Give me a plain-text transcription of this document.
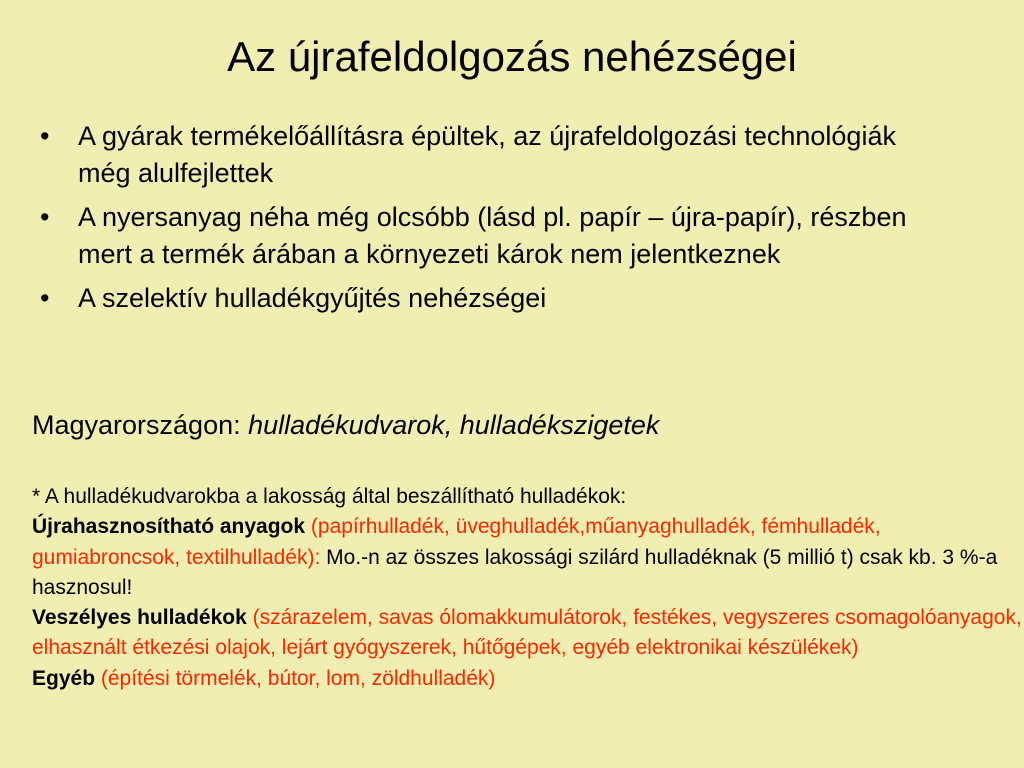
Az újrafeldolgozás nehézségei
• A gyárak termékelőállításra épültek, az újrafeldolgozási technológiák még alulfejlettek
• A nyersanyag néha még olcsóbb (lásd pl. papír – újra-papír), részben mert a termék árában a környezeti károk nem jelentkeznek
• A szelektív hulladékgyűjtés nehézségei
Magyarországon: hulladékudvarok, hulladékszigetek

* A hulladékudvarokba a lakosság által beszállítható hulladékok:

Újrahasznosítható anyagok (papírhulladék, üveghulladék,műanyaghulladék, fémhulladék, gumiabroncsok, textilhulladék): Mo.-n az összes lakossági szilárd hulladéknak (5 millió t) csak kb. 3 %-a hasznosul!

Veszélyes hulladékok (szárazelem, savas ólomakkumulátorok, festékes, vegyszeres csomagolóanyagok, elhasznált étkezési olajok, lejárt gyógyszerek, hűtőgépek, egyéb elektronikai készülékek)

Egyéb (építési törmelék, bútor, lom, zöldhulladék)
